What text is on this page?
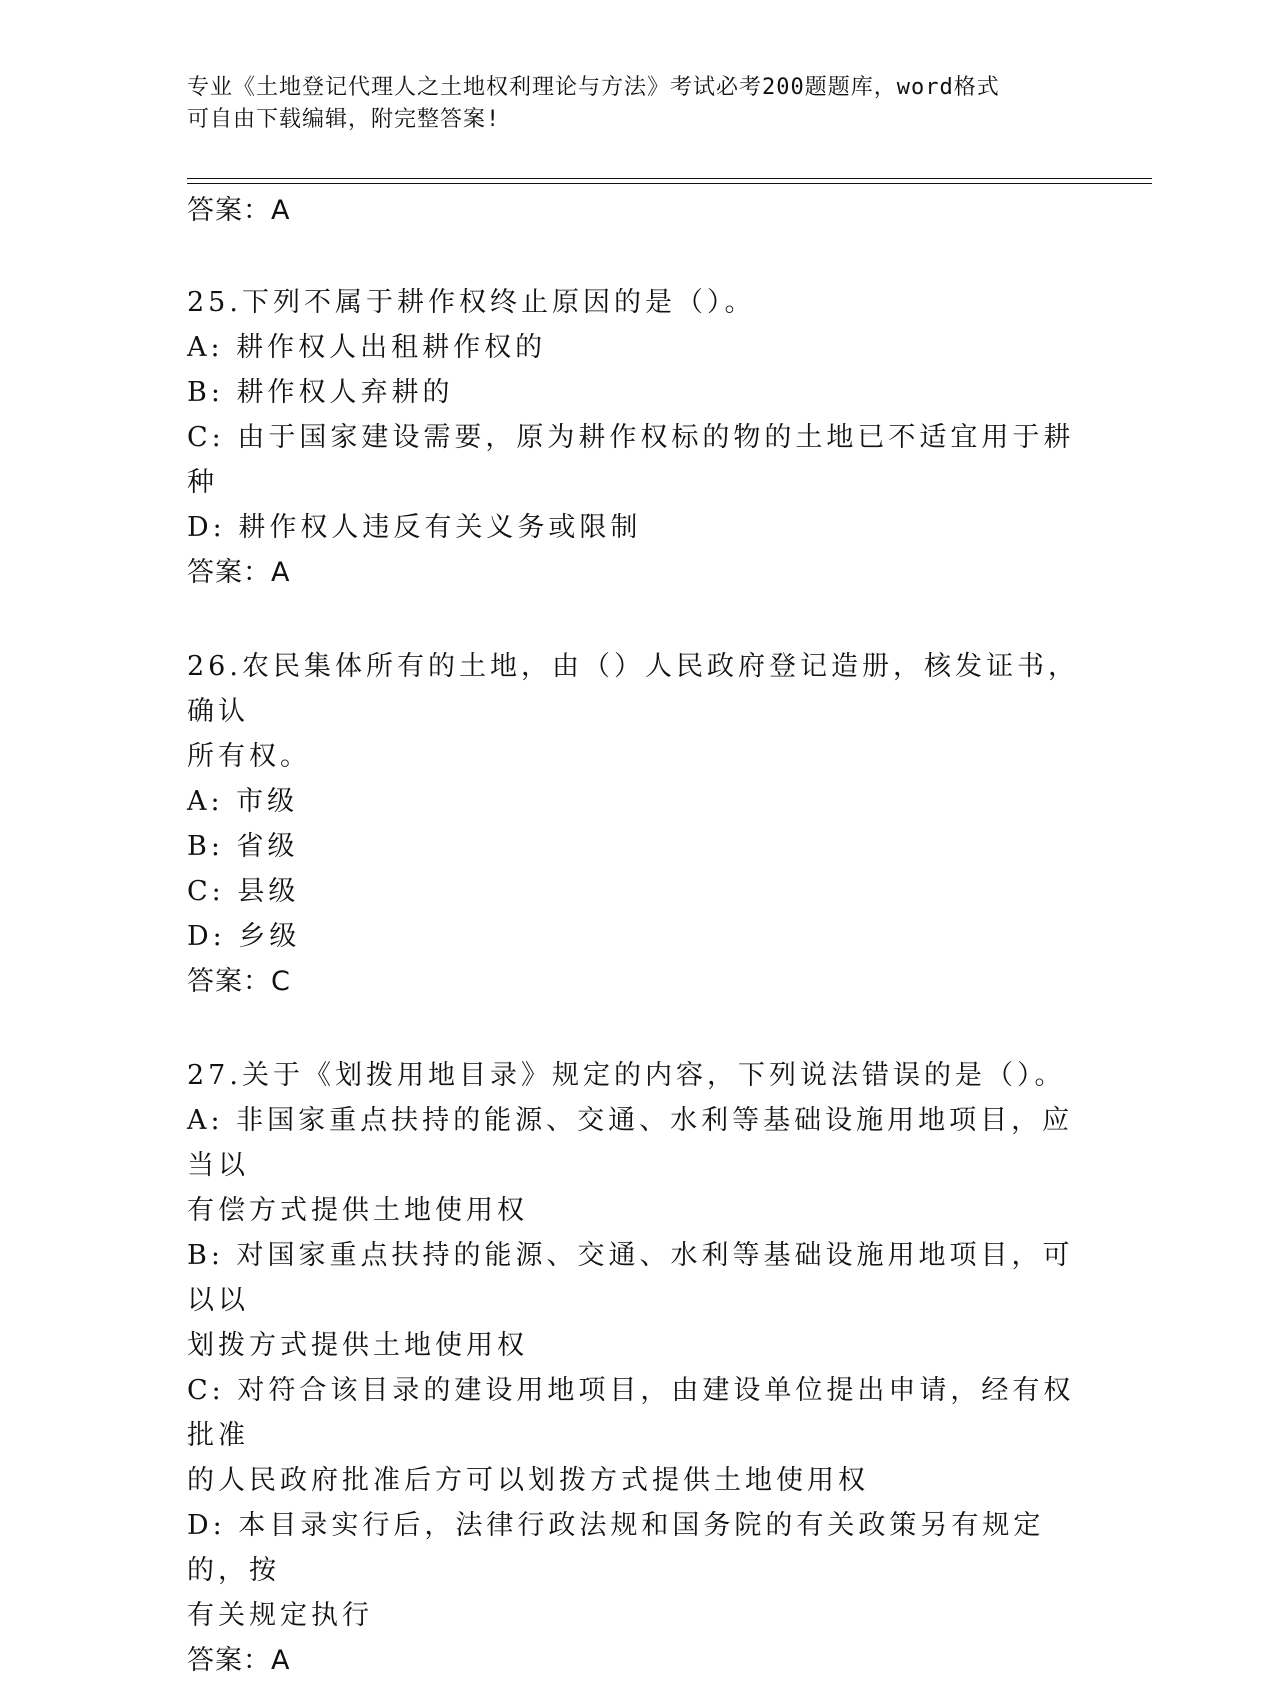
专业《土地登记代理人之土地权利理论与方法》考试必考200题题库，word格式
可自由下载编辑，附完整答案!
答案：A
25.下列不属于耕作权终止原因的是（）。
A: 耕作权人出租耕作权的
B: 耕作权人弃耕的
C: 由于国家建设需要，原为耕作权标的物的土地已不适宜用于耕种
D: 耕作权人违反有关义务或限制
答案：A
26.农民集体所有的土地，由（）人民政府登记造册，核发证书，确认
所有权。
A: 市级
B: 省级
C: 县级
D: 乡级
答案：C
27.关于《划拨用地目录》规定的内容，下列说法错误的是（）。
A: 非国家重点扶持的能源、交通、水利等基础设施用地项目，应当以
有偿方式提供土地使用权
B: 对国家重点扶持的能源、交通、水利等基础设施用地项目，可以以
划拨方式提供土地使用权
C: 对符合该目录的建设用地项目，由建设单位提出申请，经有权批准
的人民政府批准后方可以划拨方式提供土地使用权
D: 本目录实行后，法律行政法规和国务院的有关政策另有规定的，按
有关规定执行
答案：A
